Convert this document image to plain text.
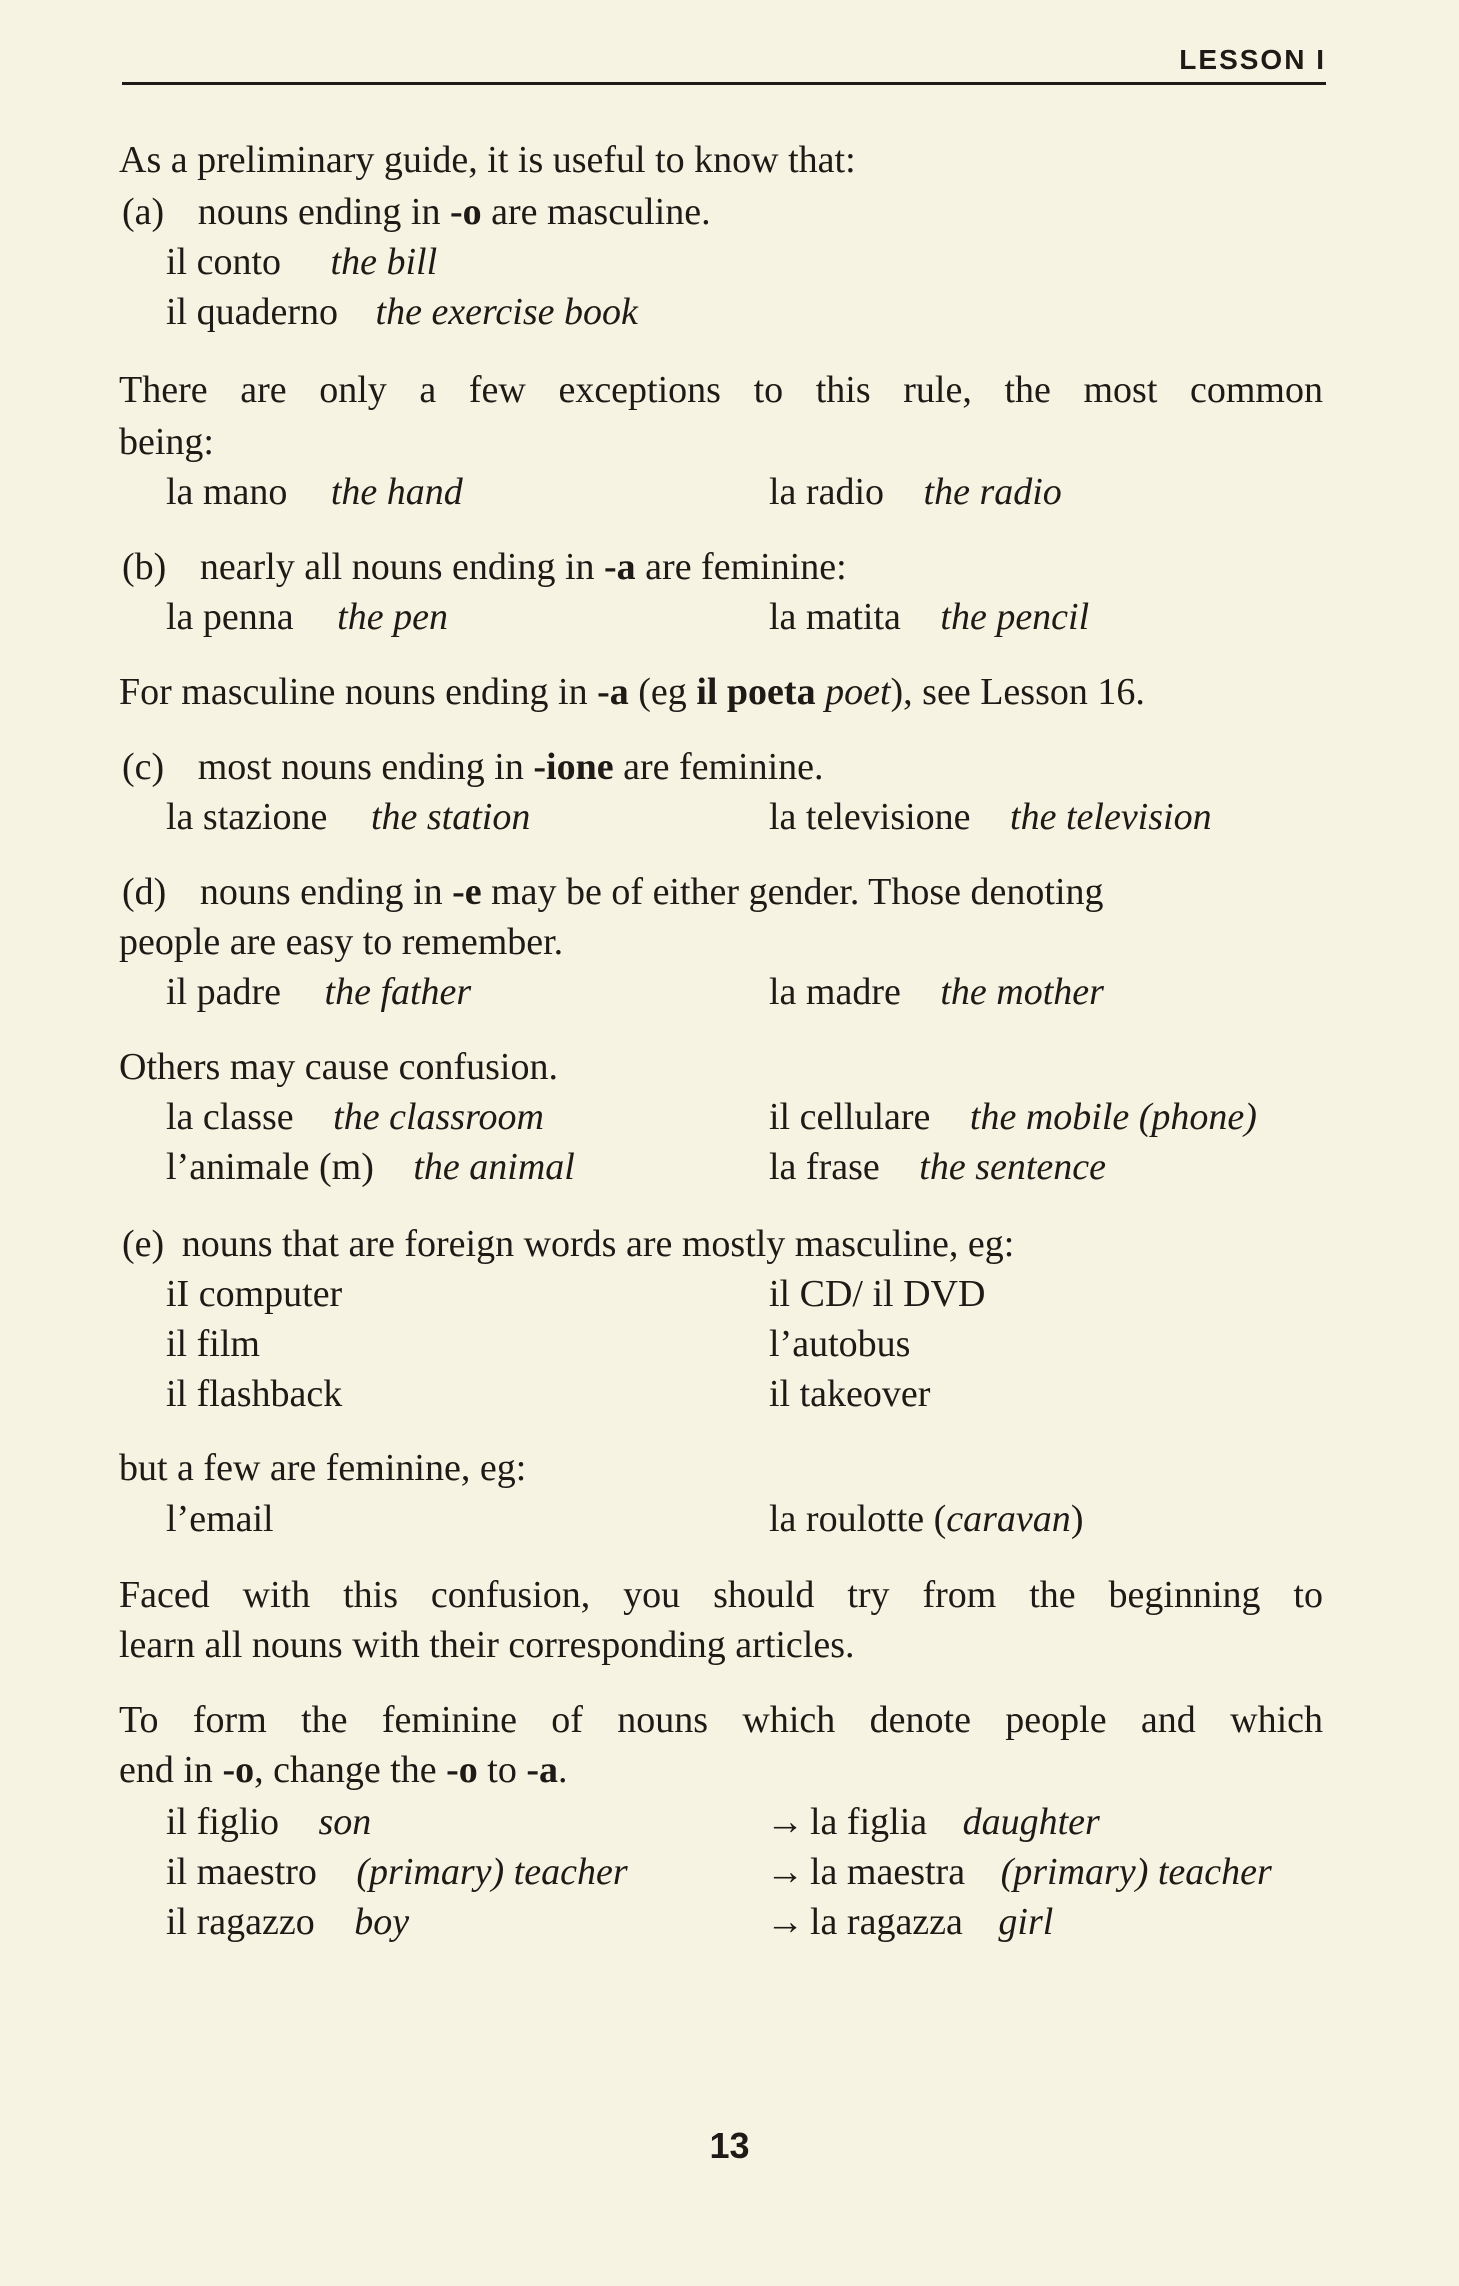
LESSON I
As a preliminary guide, it is useful to know that:
(a) nouns ending in -o are masculine.
il conto the bill
il quaderno the exercise book
There are only a few exceptions to this rule, the most common
being:
la mano the hand	la radio the radio
(b) nearly all nouns ending in -a are feminine:
la penna the pen	la matita the pencil
For masculine nouns ending in -a (eg il poeta poet), see Lesson 16.
(c) most nouns ending in -ione are feminine.
la stazione the station	la televisione the television
(d) nouns ending in -e may be of either gender. Those denoting
people are easy to remember.
il padre the father	la madre the mother
Others may cause confusion.
la classe the classroom	il cellulare the mobile (phone)
l’animale (m) the animal	la frase the sentence
(e) nouns that are foreign words are mostly masculine, eg:
iI computer	il CD/ il DVD
il film	l’autobus
il flashback	il takeover
but a few are feminine, eg:
l’email	la roulotte (caravan)
Faced with this confusion, you should try from the beginning to
learn all nouns with their corresponding articles.
To form the feminine of nouns which denote people and which
end in -o, change the -o to -a.
il figlio son	→ la figlia daughter
il maestro (primary) teacher	→ la maestra (primary) teacher
il ragazzo boy	→ la ragazza girl
13
